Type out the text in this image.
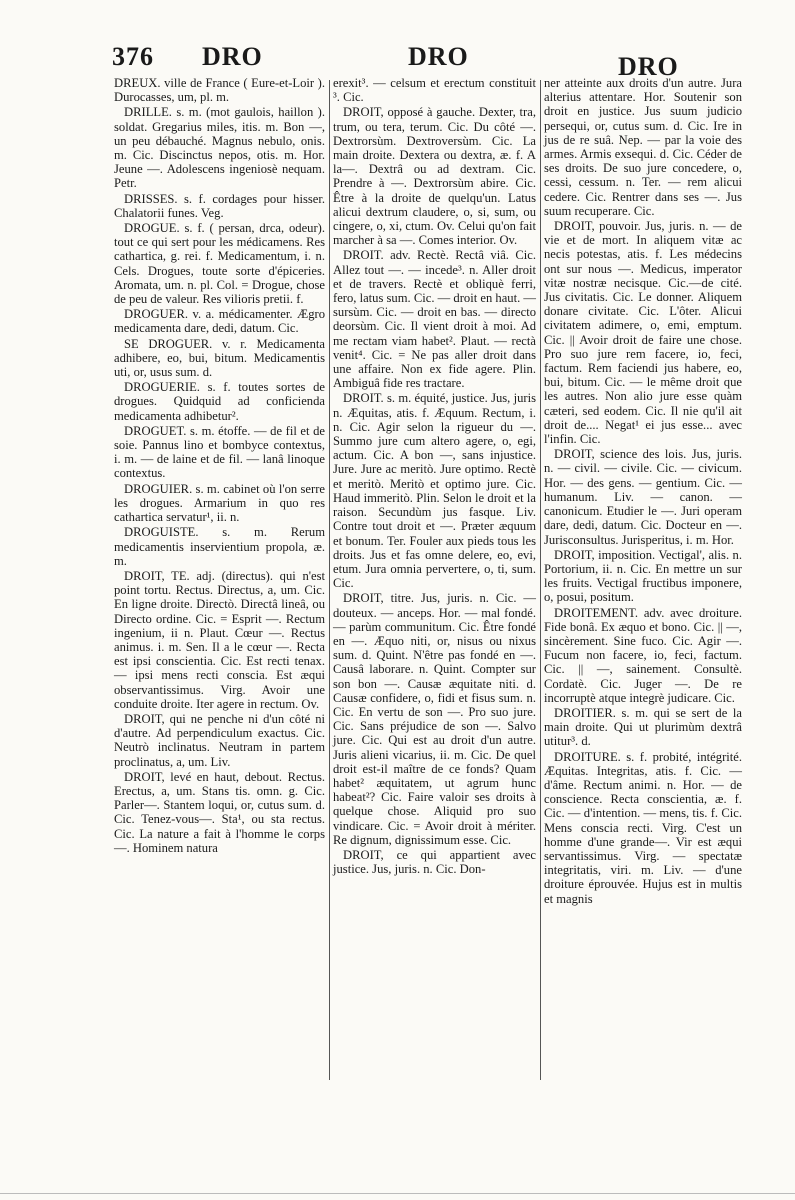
376 DRO	DRO	DRO

DREUX. ville de France ( Eure-et-Loir ). Durocasses, um, pl. m.

DRILLE. s. m. (mot gaulois, haillon ). soldat. Gregarius miles, itis. m. Bon —, un peu débauché. Magnus nebulo, onis. m. Cic. Discinctus nepos, otis. m. Hor. Jeune —. Adolescens ingeniosè nequam. Petr.

DRISSES. s. f. cordages pour hisser. Chalatorii funes. Veg.

DROGUE. s. f. ( persan, drca, odeur). tout ce qui sert pour les médicamens. Res cathartica, g. rei. f. Medicamentum, i. n. Cels. Drogues, toute sorte d'épiceries. Aromata, um. n. pl. Col. = Drogue, chose de peu de valeur. Res vilioris pretii. f.

DROGUER. v. a. médicamenter. Ægro medicamenta dare, dedi, datum. Cic.

SE DROGUER. v. r. Medicamenta adhibere, eo, bui, bitum. Medicamentis uti, or, usus sum. d.

DROGUERIE. s. f. toutes sortes de drogues. Quidquid ad conficienda medicamenta adhibetur².

DROGUET. s. m. étoffe. — de fil et de soie. Pannus lino et bombyce contextus, i. m. — de laine et de fil. — lanâ linoque contextus.

DROGUIER. s. m. cabinet où l'on serre les drogues. Armarium in quo res cathartica servatur¹, ii. n.

DROGUISTE. s. m. Rerum medicamentis inservientium propola, æ. m.

DROIT, TE. adj. (directus). qui n'est point tortu. Rectus. Directus, a, um. Cic. En ligne droite. Directò. Directâ lineâ, ou Directo ordine. Cic. = Esprit —. Rectum ingenium, ii n. Plaut. Cœur —. Rectus animus. i. m. Sen. Il a le cœur —. Recta est ipsi conscientia. Cic. Est recti tenax. — ipsi mens recti conscia. Est æqui observantissimus. Virg. Avoir une conduite droite. Iter agere in rectum. Ov.

DROIT, qui ne penche ni d'un côté ni d'autre. Ad perpendiculum exactus. Cic. Neutrò inclinatus. Neutram in partem proclinatus, a, um. Liv.

DROIT, levé en haut, debout. Rectus. Erectus, a, um. Stans tis. omn. g. Cic. Parler—. Stantem loqui, or, cutus sum. d. Cic. Tenez-vous—. Sta¹, ou sta rectus. Cic. La nature a fait à l'homme le corps—. Hominem natura

erexit³. — celsum et erectum constituit ³. Cic.

DROIT, opposé à gauche. Dexter, tra, trum, ou tera, terum. Cic. Du côté —. Dextrorsùm. Dextroversùm. Cic. La main droite. Dextera ou dextra, æ. f. A la—. Dextrâ ou ad dextram. Cic. Prendre à —. Dextrorsùm abire. Cic. Être à la droite de quelqu'un. Latus alicui dextrum claudere, o, si, sum, ou cingere, o, xi, ctum. Ov. Celui qu'on fait marcher à sa —. Comes interior. Ov.

DROIT. adv. Rectè. Rectâ viâ. Cic. Allez tout —. — incede³. n. Aller droit et de travers. Rectè et obliquè ferri, fero, latus sum. Cic. — droit en haut. — sursùm. Cic. — droit en bas. — directo deorsùm. Cic. Il vient droit à moi. Ad me rectam viam habet². Plaut. — rectà venit⁴. Cic. = Ne pas aller droit dans une affaire. Non ex fide agere. Plin. Ambiguâ fide res tractare.

DROIT. s. m. équité, justice. Jus, juris n. Æquitas, atis. f. Æquum. Rectum, i. n. Cic. Agir selon la rigueur du —. Summo jure cum altero agere, o, egi, actum. Cic. A bon —, sans injustice. Jure. Jure ac meritò. Jure optimo. Rectè et meritò. Meritò et optimo jure. Cic. Haud immeritò. Plin. Selon le droit et la raison. Secundùm jus fasque. Liv. Contre tout droit et —. Præter æquum et bonum. Ter. Fouler aux pieds tous les droits. Jus et fas omne delere, eo, evi, etum. Jura omnia pervertere, o, ti, sum. Cic.

DROIT, titre. Jus, juris. n. Cic. — douteux. — anceps. Hor. — mal fondé. — parùm communitum. Cic. Être fondé en —. Æquo niti, or, nisus ou nixus sum. d. Quint. N'être pas fondé en —. Causâ laborare. n. Quint. Compter sur son bon —. Causæ æquitate niti. d. Causæ confidere, o, fidi et fisus sum. n. Cic. En vertu de son —. Pro suo jure. Cic. Sans préjudice de son —. Salvo jure. Cic. Qui est au droit d'un autre. Juris alieni vicarius, ii. m. Cic. De quel droit est-il maître de ce fonds? Quam habet² æquitatem, ut agrum hunc habeat²? Cic. Faire valoir ses droits à quelque chose. Aliquid pro suo vindicare. Cic. = Avoir droit à mériter. Re dignum, dignissimum esse. Cic.

DROIT, ce qui appartient avec justice. Jus, juris. n. Cic. Don-

ner atteinte aux droits d'un autre. Jura alterius attentare. Hor. Soutenir son droit en justice. Jus suum judicio persequi, or, cutus sum. d. Cic. Ire in jus de re suâ. Nep. — par la voie des armes. Armis exsequi. d. Cic. Céder de ses droits. De suo jure concedere, o, cessi, cessum. n. Ter. — rem alicui cedere. Cic. Rentrer dans ses —. Jus suum recuperare. Cic.

DROIT, pouvoir. Jus, juris. n. — de vie et de mort. In aliquem vitæ ac necis potestas, atis. f. Les médecins ont sur nous —. Medicus, imperator vitæ nostræ necisque. Cic.—de cité. Jus civitatis. Cic. Le donner. Aliquem donare civitate. Cic. L'ôter. Alicui civitatem adimere, o, emi, emptum. Cic. || Avoir droit de faire une chose. Pro suo jure rem facere, io, feci, factum. Rem faciendi jus habere, eo, bui, bitum. Cic. — le même droit que les autres. Non alio jure esse quàm cæteri, sed eodem. Cic. Il nie qu'il ait droit de.... Negat¹ ei jus esse... avec l'infin. Cic.

DROIT, science des lois. Jus, juris. n. — civil. — civile. Cic. — civicum. Hor. — des gens. — gentium. Cic. — humanum. Liv. — canon. — canonicum. Etudier le —. Juri operam dare, dedi, datum. Cic. Docteur en —. Jurisconsultus. Jurisperitus, i. m. Hor.

DROIT, imposition. Vectigal', alis. n. Portorium, ii. n. Cic. En mettre un sur les fruits. Vectigal fructibus imponere, o, posui, positum.

DROITEMENT. adv. avec droiture. Fide bonâ. Ex æquo et bono. Cic. || —, sincèrement. Sine fuco. Cic. Agir —. Fucum non facere, io, feci, factum. Cic. || —, sainement. Consultè. Cordatè. Cic. Juger —. De re incorruptè atque integrè judicare. Cic.

DROITIER. s. m. qui se sert de la main droite. Qui ut plurimùm dextrâ utitur³. d.

DROITURE. s. f. probité, intégrité. Æquitas. Integritas, atis. f. Cic. — d'âme. Rectum animi. n. Hor. — de conscience. Recta conscientia, æ. f. Cic. — d'intention. — mens, tis. f. Cic. Mens conscia recti. Virg. C'est un homme d'une grande—. Vir est æqui servantissimus. Virg. — spectatæ integritatis, viri. m. Liv. — d'une droiture éprouvée. Hujus est in multis et magnis
